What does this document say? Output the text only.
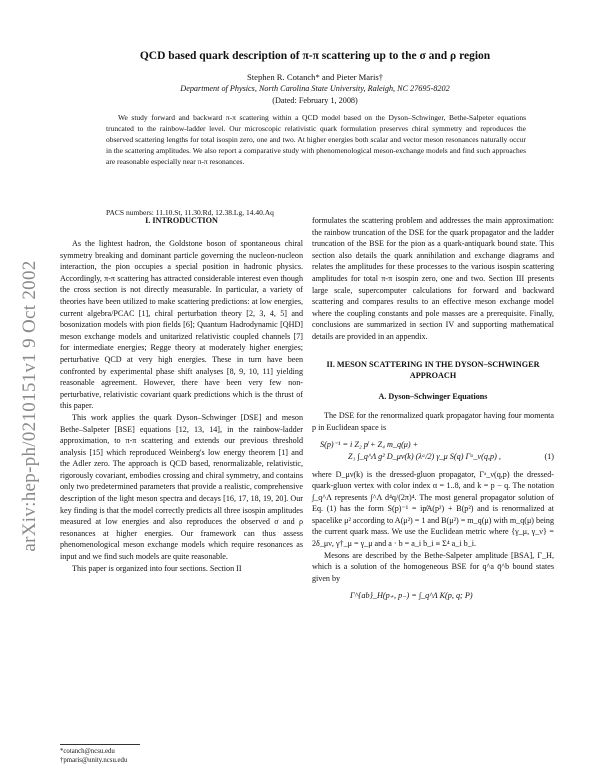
arXiv:hep-ph/0210151v1 9 Oct 2002
QCD based quark description of π-π scattering up to the σ and ρ region
Stephen R. Cotanch* and Pieter Maris†
Department of Physics, North Carolina State University, Raleigh, NC 27695-8202
(Dated: February 1, 2008)

We study forward and backward π-π scattering within a QCD model based on the Dyson–Schwinger, Bethe-Salpeter equations truncated to the rainbow-ladder level. Our microscopic relativistic quark formulation preserves chiral symmetry and reproduces the observed scattering lengths for total isospin zero, one and two. At higher energies both scalar and vector meson resonances naturally occur in the scattering amplitudes. We also report a comparative study with phenomenological meson-exchange models and find such approaches are reasonable especially near π-π resonances.

PACS numbers: 11.10.St, 11.30.Rd, 12.38.Lg, 14.40.Aq
I. INTRODUCTION

As the lightest hadron, the Goldstone boson of spontaneous chiral symmetry breaking and dominant particle governing the nucleon-nucleon interaction, the pion occupies a special position in hadronic physics. Accordingly, π-π scattering has attracted considerable interest even though the cross section is not directly measurable. In particular, a variety of theories have been utilized to make scattering predictions: at low energies, current algebra/PCAC [1], chiral perturbation theory [2, 3, 4, 5] and bosonization models with pion fields [6]; Quantum Hadrodynamic [QHD] meson exchange models and unitarized relativistic coupled channels [7] for intermediate energies; Regge theory at moderately higher energies; perturbative QCD at very high energies. These in turn have been confronted by experimental phase shift analyses [8, 9, 10, 11] yielding reasonable agreement. However, there have been very few non-perturbative, relativistic covariant quark predictions which is the thrust of this paper.

This work applies the quark Dyson–Schwinger [DSE] and meson Bethe–Salpeter [BSE] equations [12, 13, 14], in the rainbow-ladder approximation, to π-π scattering and extends our previous threshold analysis [15] which reproduced Weinberg's low energy theorem [1] and the Adler zero. The approach is QCD based, renormalizable, relativistic, rigorously covariant, embodies crossing and chiral symmetry, and contains only two predetermined parameters that provide a realistic, comprehensive description of the light meson spectra and decays [16, 17, 18, 19, 20]. Our key finding is that the model correctly predicts all three isospin amplitudes measured at low energies and also reproduces the observed σ and ρ resonances at higher energies. Our framework can thus assess phenomenological meson exchange models which require resonances as input and we find such models are quite reasonable.

This paper is organized into four sections. Section II

formulates the scattering problem and addresses the main approximation: the rainbow truncation of the DSE for the quark propagator and the ladder truncation of the BSE for the pion as a quark-antiquark bound state. This section also details the quark annihilation and exchange diagrams and relates the amplitudes for these processes to the various isospin scattering amplitudes for total π-π isospin zero, one and two. Section III presents large scale, supercomputer calculations for forward and backward scattering and compares results to an effective meson exchange model where the coupling constants and pole masses are a prerequisite. Finally, conclusions are summarized in section IV and supporting mathematical details are provided in an appendix.

II. MESON SCATTERING IN THE DYSON–SCHWINGER APPROACH
A. Dyson–Schwinger Equations

The DSE for the renormalized quark propagator having four momenta p in Euclidean space is

S(p)⁻¹ = i Z₂ p̸ + Z₄ m_q(μ) +
Z₁ ∫_q^Λ g² D_μν(k) (λᵃ/2) γ_μ S(q) Γᵃ_ν(q,p) ,	(1)

where D_μν(k) is the dressed-gluon propagator, Γᵃ_ν(q,p) the dressed-quark-gluon vertex with color index α = 1..8, and k = p − q. The notation ∫_q^Λ represents ∫^Λ d⁴q/(2π)⁴. The most general propagator solution of Eq. (1) has the form S(p)⁻¹ = ip̸A(p²) + B(p²) and is renormalized at spacelike μ² according to A(μ²) = 1 and B(μ²) = m_q(μ) with m_q(μ) being the current quark mass. We use the Euclidean metric where {γ_μ, γ_ν} = 2δ_μν, γ†_μ = γ_μ and a · b = a_i b_i ≡ Σ⁴ a_i b_i.

Mesons are described by the Bethe-Salpeter amplitude [BSA], Γ_H, which is a solution of the homogeneous BSE for q^a q̄^b bound states given by

Γ^{ab}_H(p₊, p₋) = ∫_q^Λ K(p, q; P)
*cotanch@ncsu.edu
†pmaris@unity.ncsu.edu
